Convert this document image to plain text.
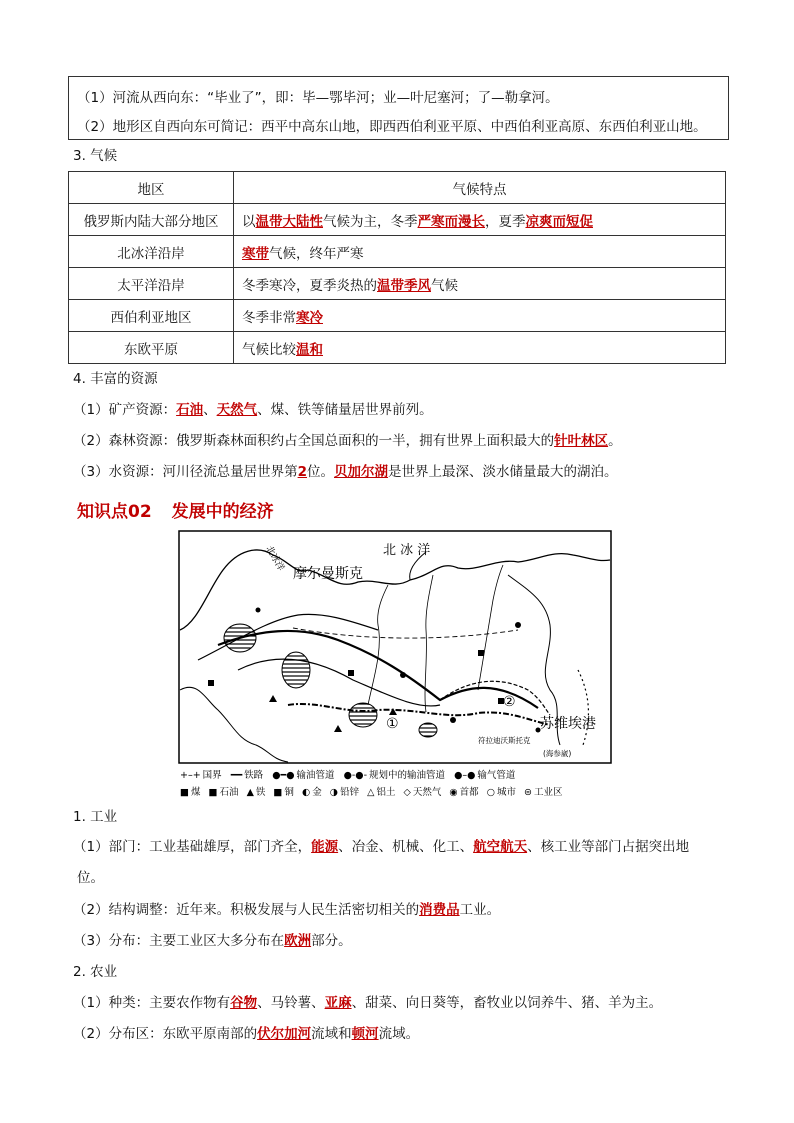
（1）河流从西向东：“毕业了”，即：毕—鄂毕河；业—叶尼塞河；了—勒拿河。
（2）地形区自西向东可简记：西平中高东山地，即西西伯利亚平原、中西伯利亚高原、东西伯利亚山地。
3. 气候
地区	气候特点
俄罗斯内陆大部分地区	以温带大陆性气候为主，冬季严寒而漫长，夏季凉爽而短促
北冰洋沿岸	寒带气候，终年严寒
太平洋沿岸	冬季寒冷，夏季炎热的温带季风气候
西伯利亚地区	冬季非常寒冷
东欧平原	气候比较温和
4. 丰富的资源
（1）矿产资源：石油、天然气、煤、铁等储量居世界前列。
（2）森林资源：俄罗斯森林面积约占全国总面积的一半，拥有世界上面积最大的针叶林区。
（3）水资源：河川径流总量居世界第2位。贝加尔湖是世界上最深、淡水储量最大的湖泊。
知识点02 发展中的经济
北 冰 洋
摩尔曼斯克
苏维埃港
北冰洋
符拉迪沃斯托克
(海参崴)
①
②
+–+ 国界 ━━ 铁路 ●━● 输油管道 ●-●- 规划中的输油管道 ●–● 输气管道
■ 煤 ■ 石油 ▲ 铁 ■ 铜 ◐ 金 ◑ 铅锌 △ 铝土 ◇ 天然气 ◉ 首都 ○ 城市 ⊜ 工业区
1. 工业
（1）部门：工业基础雄厚，部门齐全，能源、冶金、机械、化工、航空航天、核工业等部门占据突出地
位。
（2）结构调整：近年来。积极发展与人民生活密切相关的消费品工业。
（3）分布：主要工业区大多分布在欧洲部分。
2. 农业
（1）种类：主要农作物有谷物、马铃薯、亚麻、甜菜、向日葵等，畜牧业以饲养牛、猪、羊为主。
（2）分布区：东欧平原南部的伏尔加河流域和顿河流域。
